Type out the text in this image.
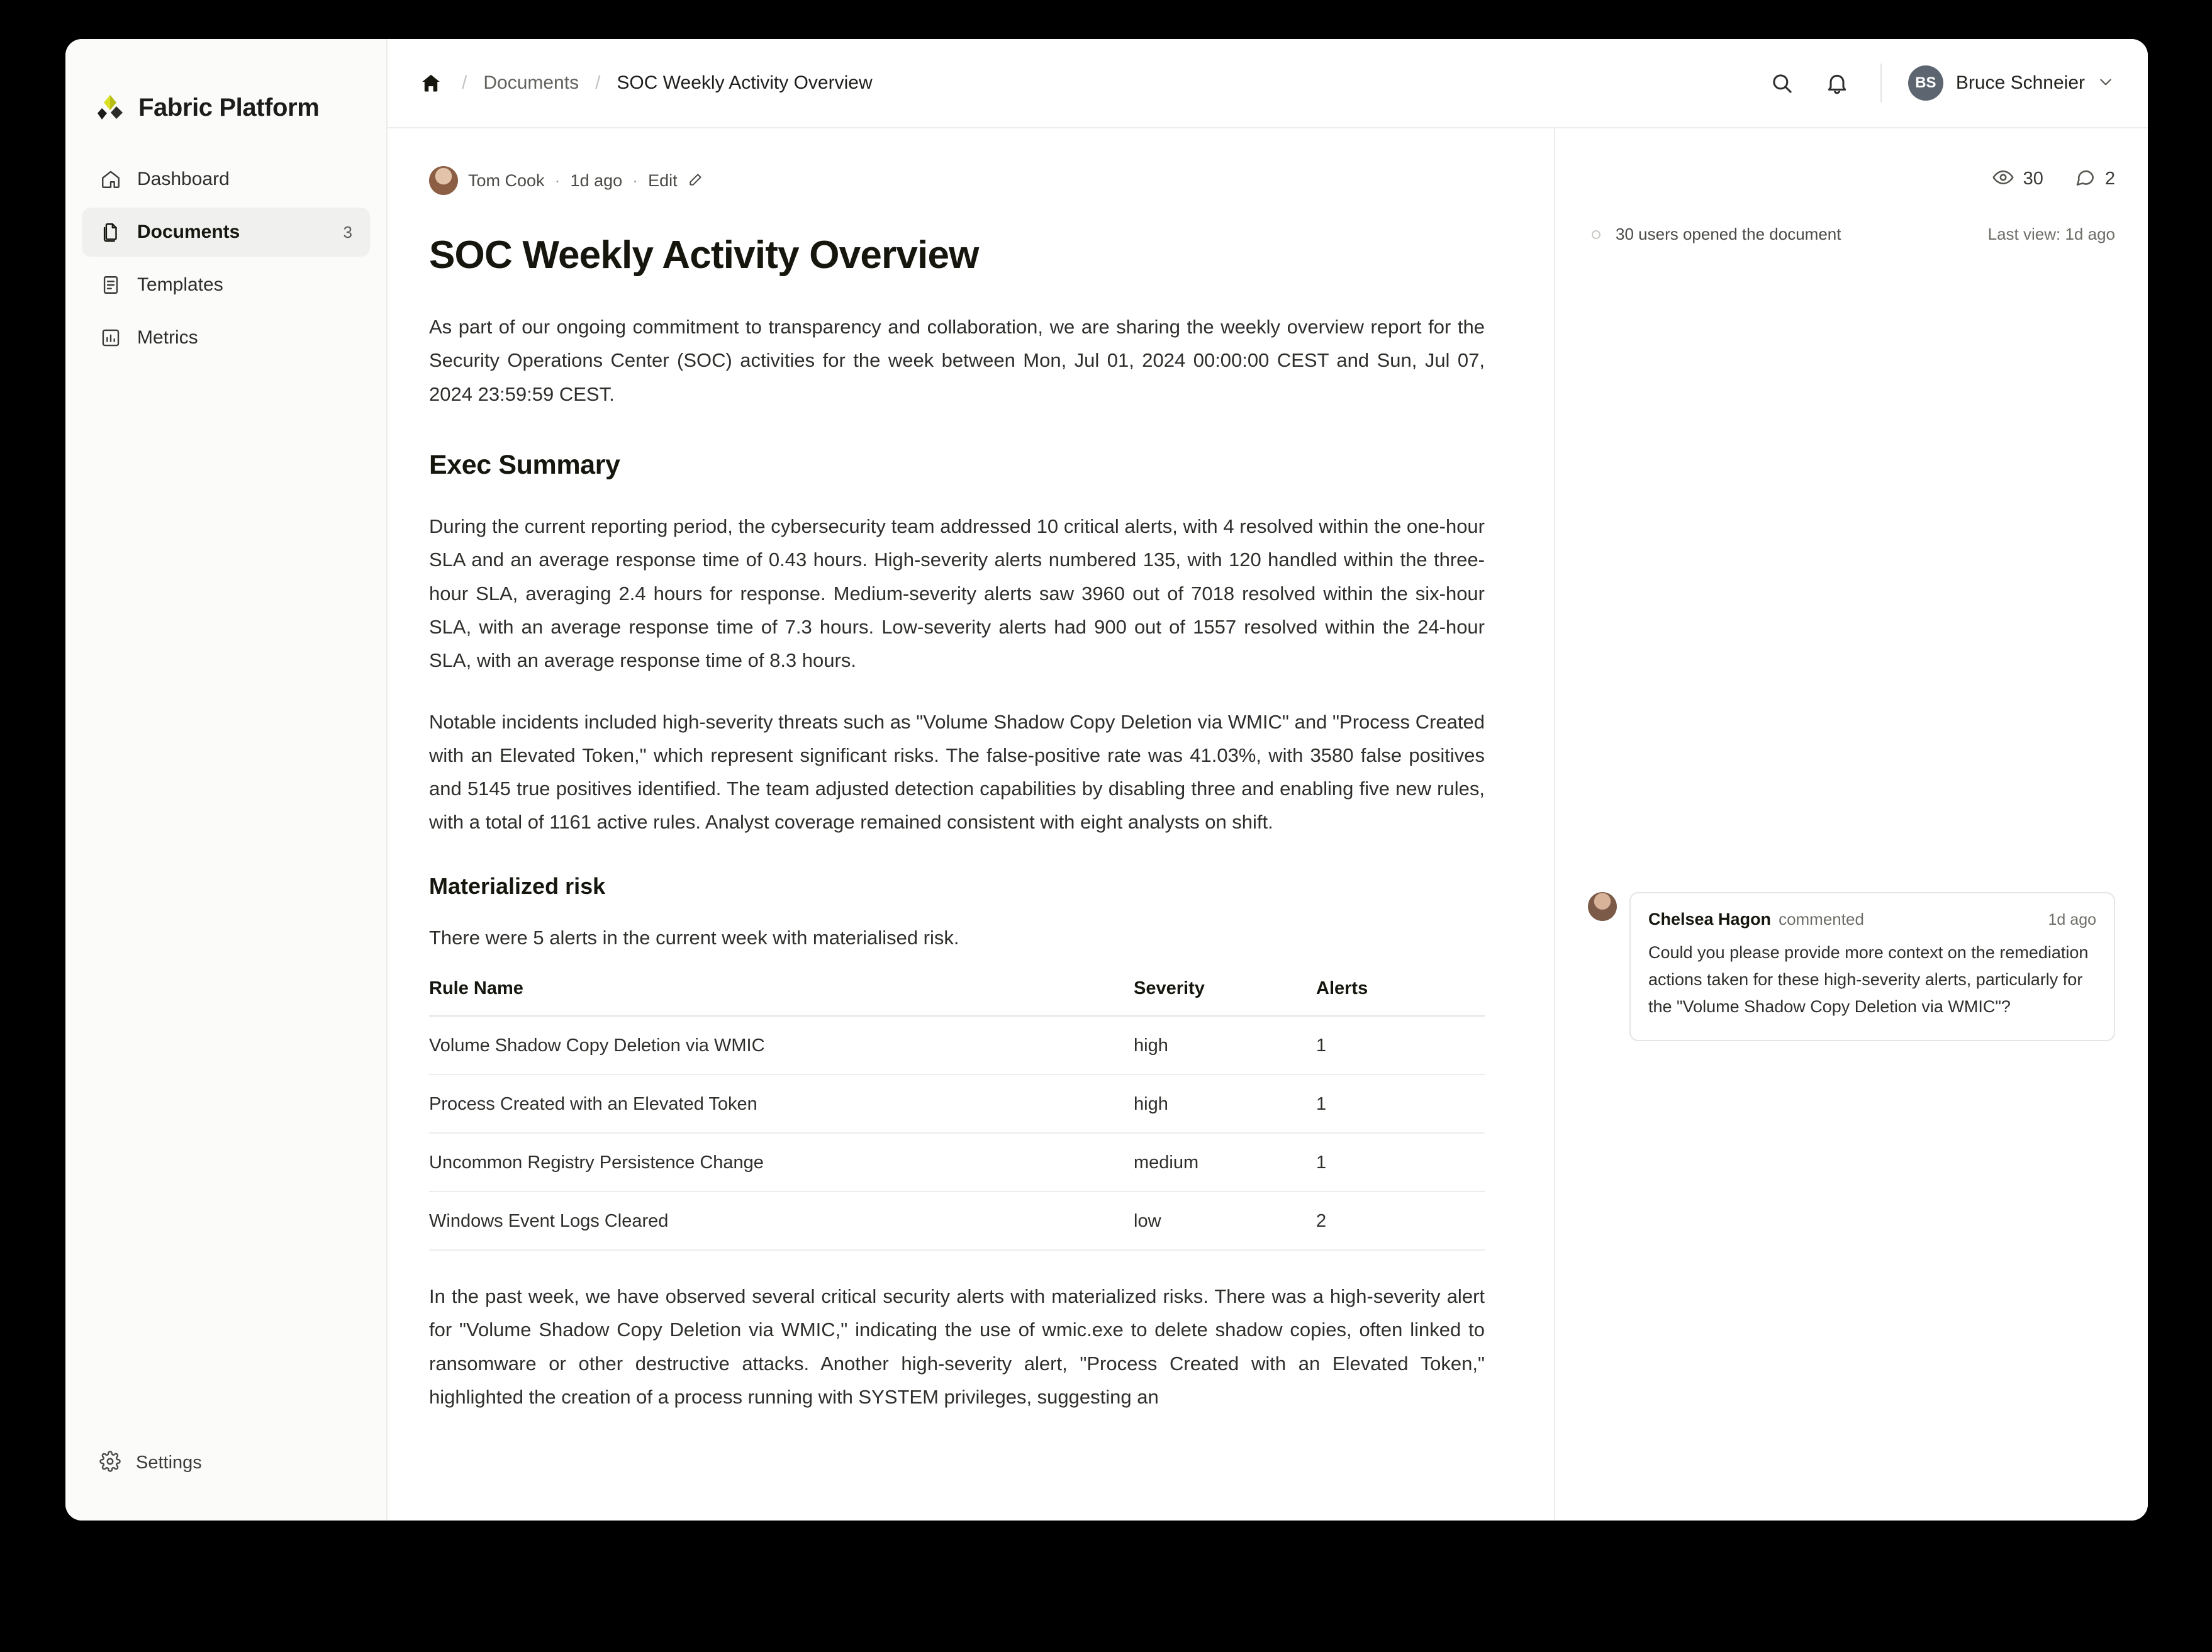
Fabric Platform
Dashboard
Documents	3
Templates
Metrics
Settings
/ Documents / SOC Weekly Activity Overview	BS	Bruce Schneier
Tom Cook · 1d ago · Edit
SOC Weekly Activity Overview

As part of our ongoing commitment to transparency and collaboration, we are sharing the weekly overview report for the Security Operations Center (SOC) activities for the week between Mon, Jul 01, 2024 00:00:00 CEST and Sun, Jul 07, 2024 23:59:59 CEST.

Exec Summary

During the current reporting period, the cybersecurity team addressed 10 critical alerts, with 4 resolved within the one-hour SLA and an average response time of 0.43 hours. High-severity alerts numbered 135, with 120 handled within the three-hour SLA, averaging 2.4 hours for response. Medium-severity alerts saw 3960 out of 7018 resolved within the six-hour SLA, with an average response time of 7.3 hours. Low-severity alerts had 900 out of 1557 resolved within the 24-hour SLA, with an average response time of 8.3 hours.

Notable incidents included high-severity threats such as "Volume Shadow Copy Deletion via WMIC" and "Process Created with an Elevated Token," which represent significant risks. The false-positive rate was 41.03%, with 3580 false positives and 5145 true positives identified. The team adjusted detection capabilities by disabling three and enabling five new rules, with a total of 1161 active rules. Analyst coverage remained consistent with eight analysts on shift.

Materialized risk

There were 5 alerts in the current week with materialised risk.

Rule Name	Severity	Alerts
Volume Shadow Copy Deletion via WMIC	high	1
Process Created with an Elevated Token	high	1
Uncommon Registry Persistence Change	medium	1
Windows Event Logs Cleared	low	2

In the past week, we have observed several critical security alerts with materialized risks. There was a high-severity alert for "Volume Shadow Copy Deletion via WMIC," indicating the use of wmic.exe to delete shadow copies, often linked to ransomware or other destructive attacks. Another high-severity alert, "Process Created with an Elevated Token," highlighted the creation of a process running with SYSTEM privileges, suggesting an

30	2
30 users opened the document	Last view: 1d ago
Chelsea Hagon commented	1d ago
Could you please provide more context on the remediation actions taken for these high-severity alerts, particularly for the "Volume Shadow Copy Deletion via WMIC"?
